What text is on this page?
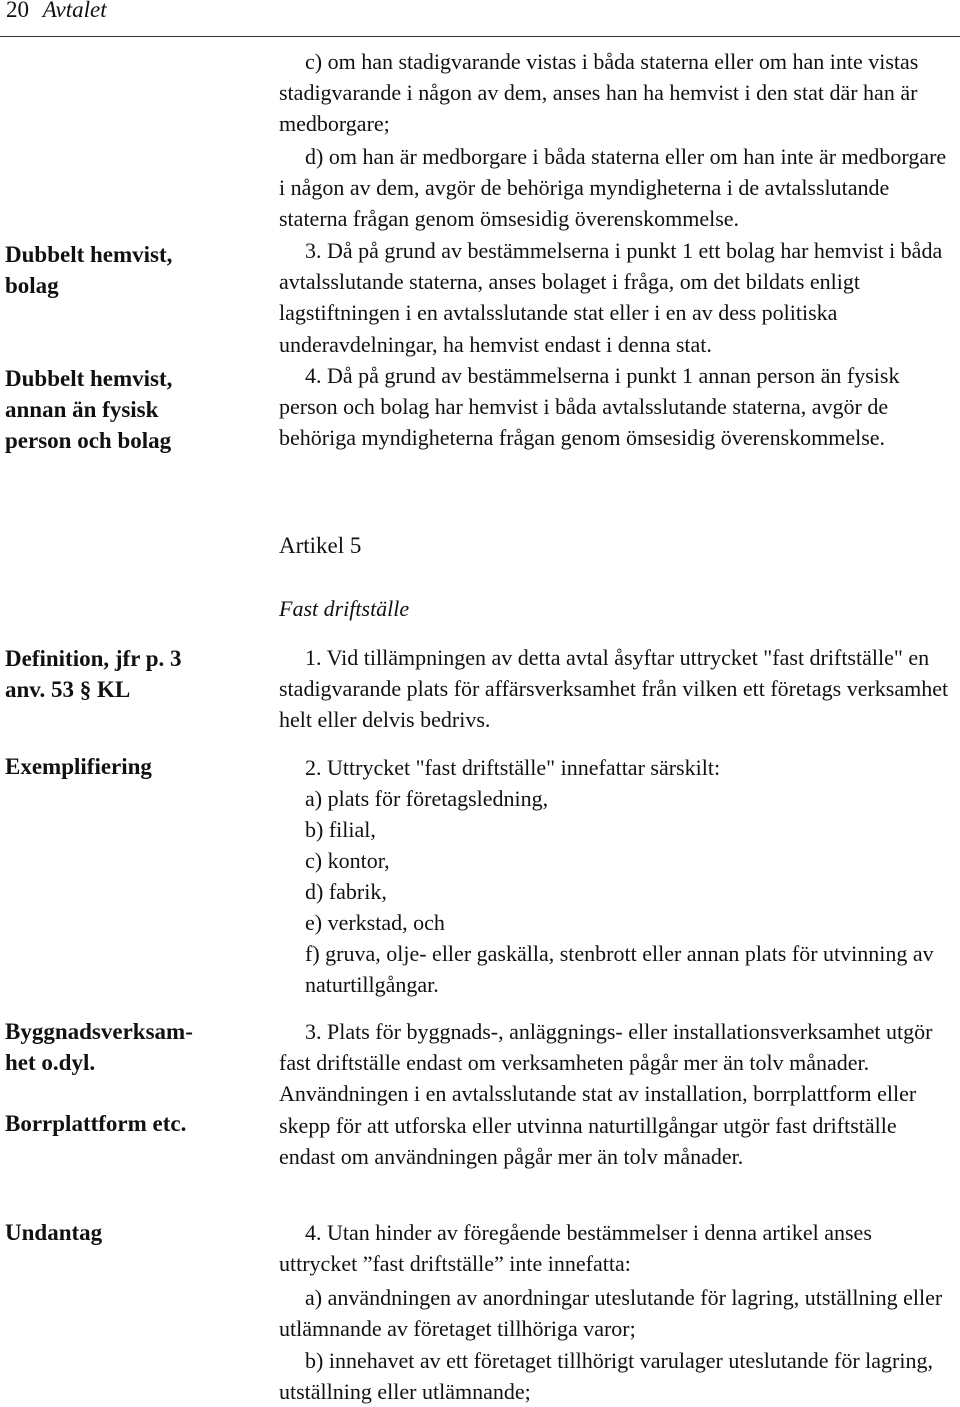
20 Avtalet
Dubbelt hemvist,
bolag
Dubbelt hemvist,
annan än fysisk
person och bolag
Definition, jfr p. 3
anv. 53 § KL
Exemplifiering
Byggnadsverksam-
het o.dyl.
Borrplattform etc.
Undantag
c) om han stadigvarande vistas i båda staterna eller om han inte vistas stadigvarande i någon av dem, anses han ha hemvist i den stat där han är medborgare;
d) om han är medborgare i båda staterna eller om han inte är medborgare i någon av dem, avgör de behöriga myndigheterna i de avtalsslutande staterna frågan genom ömsesidig överenskommelse.
3. Då på grund av bestämmelserna i punkt 1 ett bolag har hemvist i båda avtalsslutande staterna, anses bolaget i fråga, om det bildats enligt lagstiftningen i en avtalsslutande stat eller i en av dess politiska underavdelningar, ha hemvist endast i denna stat.
4. Då på grund av bestämmelserna i punkt 1 annan person än fysisk person och bolag har hemvist i båda avtalsslutande staterna, avgör de behöriga myndigheterna frågan genom ömsesidig överenskommelse.
Artikel 5
Fast driftställe
1. Vid tillämpningen av detta avtal åsyftar uttrycket "fast driftställe" en stadigvarande plats för affärsverksamhet från vilken ett företags verksamhet helt eller delvis bedrivs.
2. Uttrycket "fast driftställe" innefattar särskilt:
a) plats för företagsledning,
b) filial,
c) kontor,
d) fabrik,
e) verkstad, och
f) gruva, olje- eller gaskälla, stenbrott eller annan plats för utvinning av naturtillgångar.
3. Plats för byggnads-, anläggnings- eller installationsverksamhet utgör fast driftställe endast om verksamheten pågår mer än tolv månader. Användningen i en avtalsslutande stat av installation, borrplattform eller skepp för att utforska eller utvinna naturtillgångar utgör fast driftställe endast om användningen pågår mer än tolv månader.
4. Utan hinder av föregående bestämmelser i denna artikel anses uttrycket ”fast driftställe” inte innefatta:
a) användningen av anordningar uteslutande för lagring, utställning eller utlämnande av företaget tillhöriga varor;
b) innehavet av ett företaget tillhörigt varulager uteslutande för lagring, utställning eller utlämnande;
